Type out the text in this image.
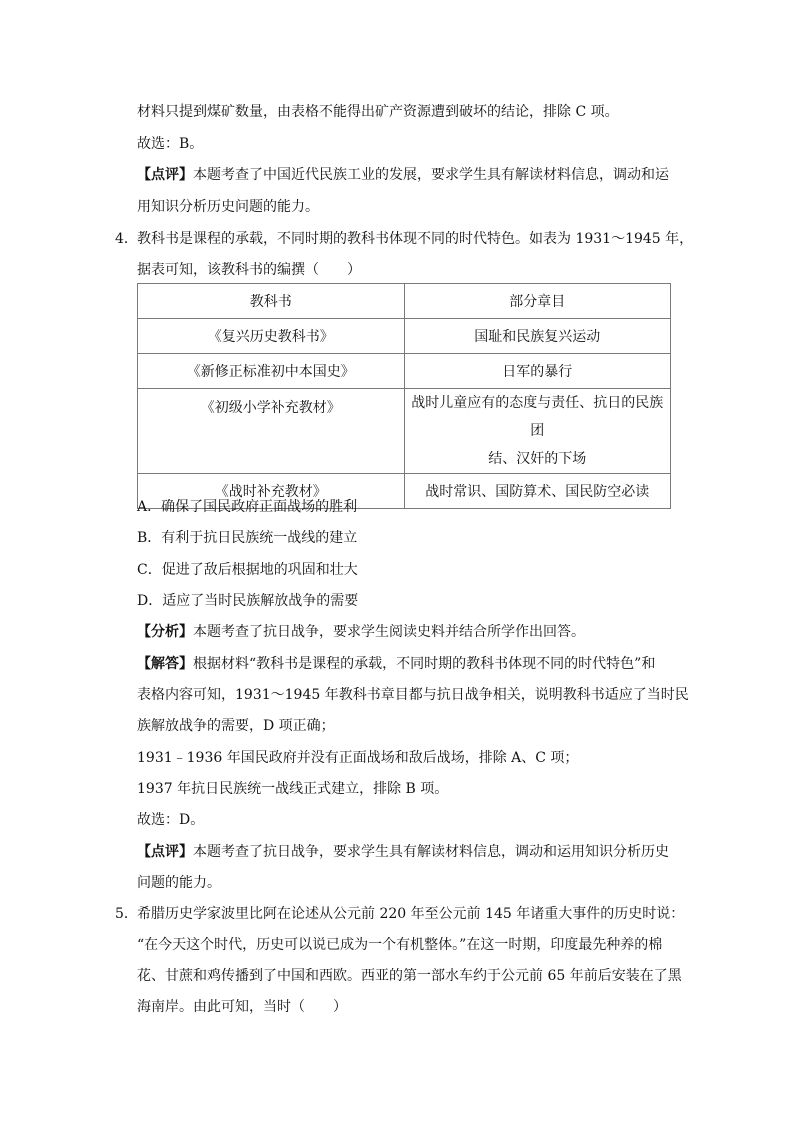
材料只提到煤矿数量，由表格不能得出矿产资源遭到破坏的结论，排除 C 项。
故选：B。
【点评】本题考查了中国近代民族工业的发展，要求学生具有解读材料信息，调动和运
用知识分析历史问题的能力。
4． 教科书是课程的承载，不同时期的教科书体现不同的时代特色。如表为 1931～1945 年，
据表可知，该教科书的编撰（　　）
教科书	部分章目
《复兴历史教科书》	国耻和民族复兴运动
《新修正标准初中本国史》	日军的暴行
《初级小学补充教材》	战时儿童应有的态度与责任、抗日的民族团
结、汉奸的下场

《战时补充教材》	战时常识、国防算术、国民防空必读
A．确保了国民政府正面战场的胜利
B．有利于抗日民族统一战线的建立
C．促进了敌后根据地的巩固和壮大
D．适应了当时民族解放战争的需要
【分析】本题考查了抗日战争，要求学生阅读史料并结合所学作出回答。
【解答】根据材料“教科书是课程的承载，不同时期的教科书体现不同的时代特色”和
表格内容可知，1931～1945 年教科书章目都与抗日战争相关，说明教科书适应了当时民
族解放战争的需要，D 项正确；
1931﹣1936 年国民政府并没有正面战场和敌后战场，排除 A、C 项；
1937 年抗日民族统一战线正式建立，排除 B 项。
故选：D。
【点评】本题考查了抗日战争，要求学生具有解读材料信息，调动和运用知识分析历史
问题的能力。
5． 希腊历史学家波里比阿在论述从公元前 220 年至公元前 145 年诸重大事件的历史时说：
“在今天这个时代，历史可以说已成为一个有机整体。”在这一时期，印度最先种养的棉
花、甘蔗和鸡传播到了中国和西欧。西亚的第一部水车约于公元前 65 年前后安装在了黑
海南岸。由此可知，当时（　　）
